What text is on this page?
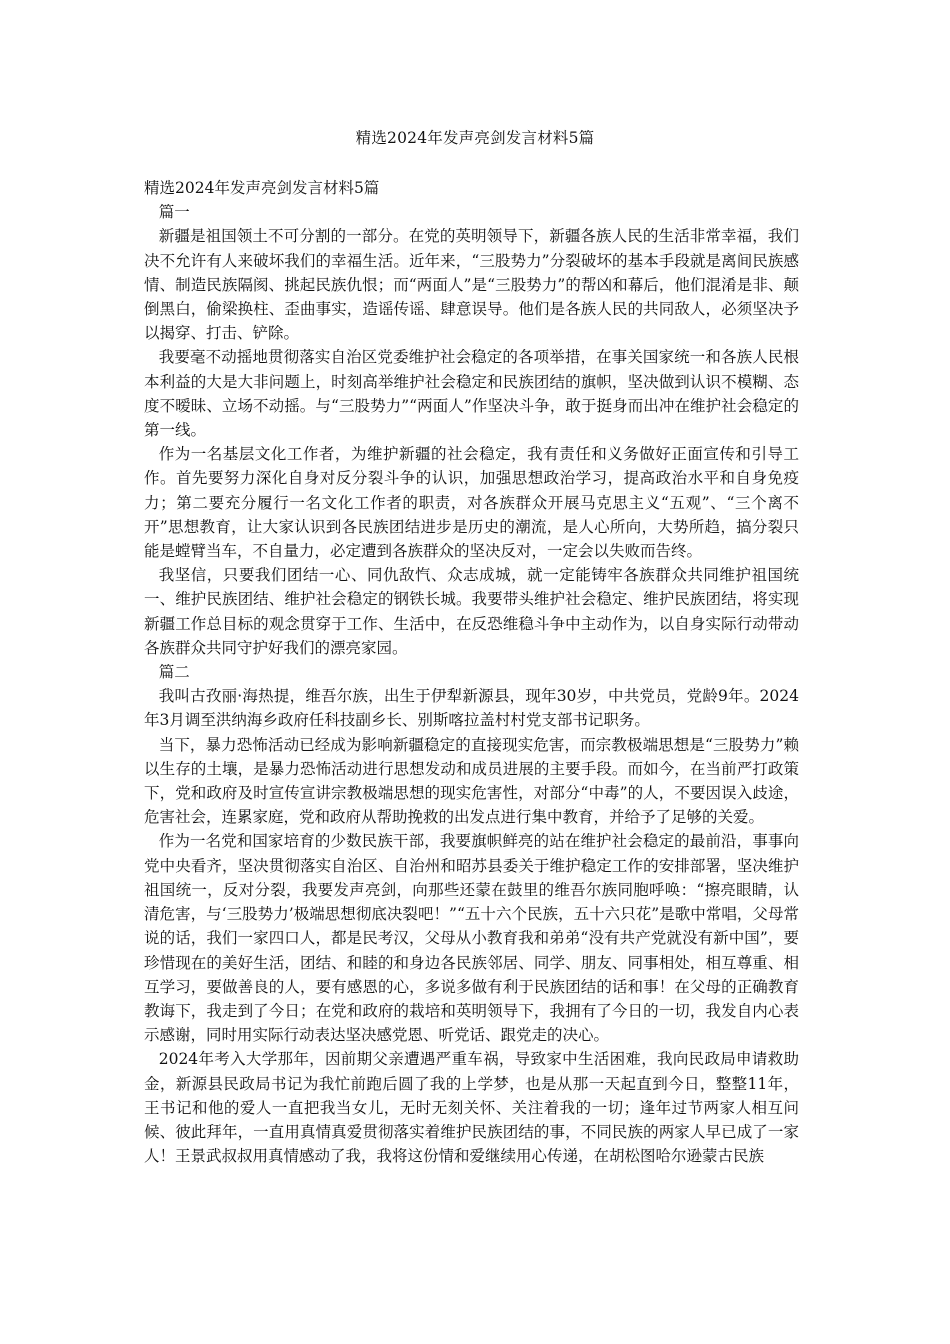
精选2024年发声亮剑发言材料5篇

精选2024年发声亮剑发言材料5篇

篇一

新疆是祖国领土不可分割的一部分。在党的英明领导下，新疆各族人民的生活非常幸福，我们决不允许有人来破坏我们的幸福生活。近年来，“三股势力”分裂破坏的基本手段就是离间民族感情、制造民族隔阂、挑起民族仇恨；而“两面人”是“三股势力”的帮凶和幕后，他们混淆是非、颠倒黑白，偷梁换柱、歪曲事实，造谣传谣、肆意误导。他们是各族人民的共同敌人，必须坚决予以揭穿、打击、铲除。

我要毫不动摇地贯彻落实自治区党委维护社会稳定的各项举措，在事关国家统一和各族人民根本利益的大是大非问题上，时刻高举维护社会稳定和民族团结的旗帜，坚决做到认识不模糊、态度不暧昧、立场不动摇。与“三股势力”“两面人”作坚决斗争，敢于挺身而出冲在维护社会稳定的第一线。

作为一名基层文化工作者，为维护新疆的社会稳定，我有责任和义务做好正面宣传和引导工作。首先要努力深化自身对反分裂斗争的认识，加强思想政治学习，提高政治水平和自身免疫力；第二要充分履行一名文化工作者的职责，对各族群众开展马克思主义“五观”、“三个离不开”思想教育，让大家认识到各民族团结进步是历史的潮流，是人心所向，大势所趋，搞分裂只能是螳臂当车，不自量力，必定遭到各族群众的坚决反对，一定会以失败而告终。

我坚信，只要我们团结一心、同仇敌忾、众志成城，就一定能铸牢各族群众共同维护祖国统一、维护民族团结、维护社会稳定的钢铁长城。我要带头维护社会稳定、维护民族团结，将实现新疆工作总目标的观念贯穿于工作、生活中，在反恐维稳斗争中主动作为，以自身实际行动带动各族群众共同守护好我们的漂亮家园。

篇二

我叫古孜丽·海热提，维吾尔族，出生于伊犁新源县，现年30岁，中共党员，党龄9年。2024年3月调至洪纳海乡政府任科技副乡长、别斯喀拉盖村村党支部书记职务。

当下，暴力恐怖活动已经成为影响新疆稳定的直接现实危害，而宗教极端思想是“三股势力”赖以生存的土壤，是暴力恐怖活动进行思想发动和成员进展的主要手段。而如今，在当前严打政策下，党和政府及时宣传宣讲宗教极端思想的现实危害性，对部分“中毒”的人，不要因误入歧途，危害社会，连累家庭，党和政府从帮助挽救的出发点进行集中教育，并给予了足够的关爱。

作为一名党和国家培育的少数民族干部，我要旗帜鲜亮的站在维护社会稳定的最前沿，事事向党中央看齐，坚决贯彻落实自治区、自治州和昭苏县委关于维护稳定工作的安排部署，坚决维护祖国统一，反对分裂，我要发声亮剑，向那些还蒙在鼓里的维吾尔族同胞呼唤：“擦亮眼睛，认清危害，与‘三股势力’极端思想彻底决裂吧！”“五十六个民族，五十六只花”是歌中常唱，父母常说的话，我们一家四口人，都是民考汉，父母从小教育我和弟弟“没有共产党就没有新中国”，要珍惜现在的美好生活，团结、和睦的和身边各民族邻居、同学、朋友、同事相处，相互尊重、相互学习，要做善良的人，要有感恩的心，多说多做有利于民族团结的话和事！在父母的正确教育教诲下，我走到了今日；在党和政府的栽培和英明领导下，我拥有了今日的一切，我发自内心表示感谢，同时用实际行动表达坚决感党恩、听党话、跟党走的决心。

2024年考入大学那年，因前期父亲遭遇严重车祸，导致家中生活困难，我向民政局申请救助金，新源县民政局书记为我忙前跑后圆了我的上学梦，也是从那一天起直到今日，整整11年，王书记和他的爱人一直把我当女儿，无时无刻关怀、关注着我的一切；逢年过节两家人相互问候、彼此拜年，一直用真情真爱贯彻落实着维护民族团结的事，不同民族的两家人早已成了一家人！王景武叔叔用真情感动了我，我将这份情和爱继续用心传递，在胡松图哈尔逊蒙古民族
